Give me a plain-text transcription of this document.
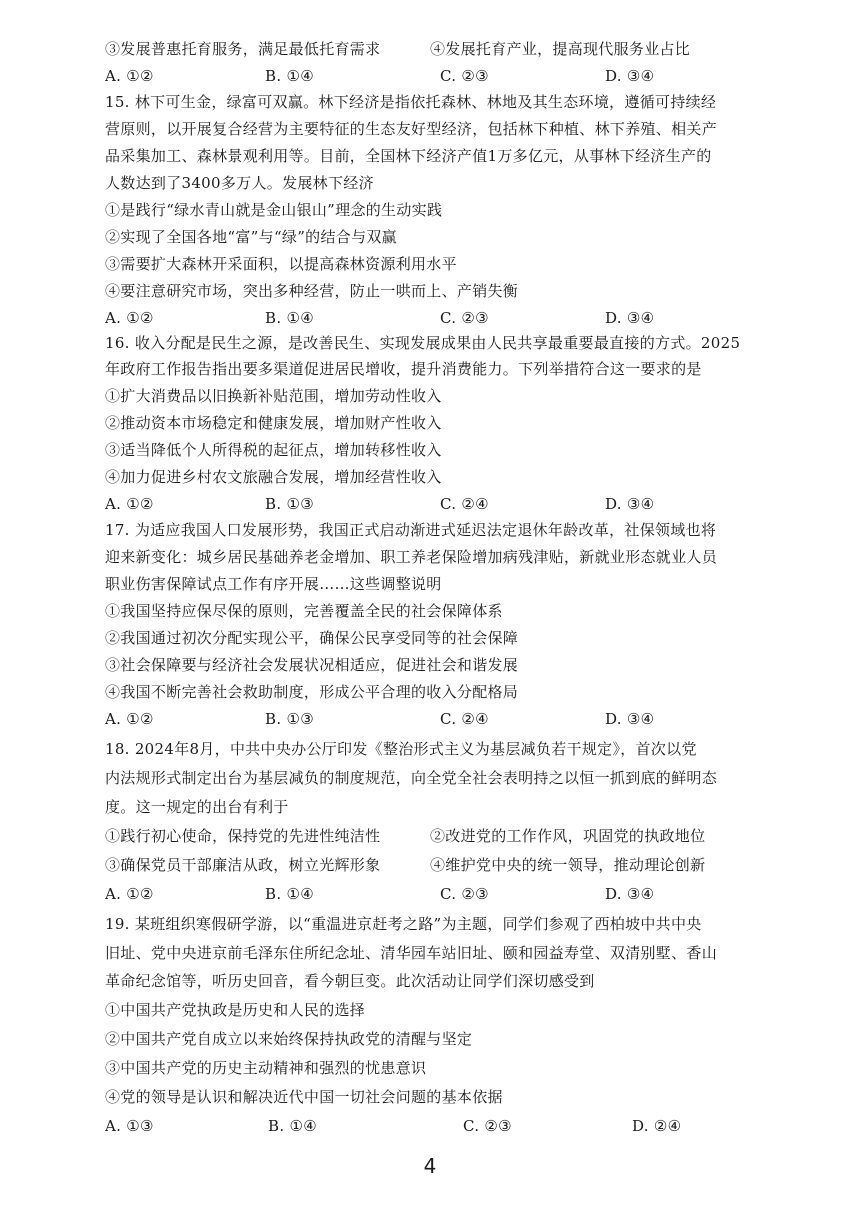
③发展普惠托育服务，满足最低托育需求	④发展托育产业，提高现代服务业占比
A. ①②	B. ①④	C. ②③	D. ③④
15. 林下可生金，绿富可双赢。林下经济是指依托森林、林地及其生态环境，遵循可持续经
营原则，以开展复合经营为主要特征的生态友好型经济，包括林下种植、林下养殖、相关产
品采集加工、森林景观利用等。目前，全国林下经济产值1万多亿元，从事林下经济生产的
人数达到了3400多万人。发展林下经济
①是践行“绿水青山就是金山银山”理念的生动实践
②实现了全国各地“富”与“绿”的结合与双赢
③需要扩大森林开采面积，以提高森林资源利用水平
④要注意研究市场，突出多种经营，防止一哄而上、产销失衡
A. ①②	B. ①④	C. ②③	D. ③④
16. 收入分配是民生之源，是改善民生、实现发展成果由人民共享最重要最直接的方式。2025
年政府工作报告指出要多渠道促进居民增收，提升消费能力。下列举措符合这一要求的是
①扩大消费品以旧换新补贴范围，增加劳动性收入
②推动资本市场稳定和健康发展，增加财产性收入
③适当降低个人所得税的起征点，增加转移性收入
④加力促进乡村农文旅融合发展，增加经营性收入
A. ①②	B. ①③	C. ②④	D. ③④
17. 为适应我国人口发展形势，我国正式启动渐进式延迟法定退休年龄改革，社保领域也将
迎来新变化：城乡居民基础养老金增加、职工养老保险增加病残津贴，新就业形态就业人员
职业伤害保障试点工作有序开展……这些调整说明
①我国坚持应保尽保的原则，完善覆盖全民的社会保障体系
②我国通过初次分配实现公平，确保公民享受同等的社会保障
③社会保障要与经济社会发展状况相适应，促进社会和谐发展
④我国不断完善社会救助制度，形成公平合理的收入分配格局
A. ①②	B. ①③	C. ②④	D. ③④
18. 2024年8月，中共中央办公厅印发《整治形式主义为基层减负若干规定》，首次以党
内法规形式制定出台为基层减负的制度规范，向全党全社会表明持之以恒一抓到底的鲜明态
度。这一规定的出台有利于
①践行初心使命，保持党的先进性纯洁性	②改进党的工作作风，巩固党的执政地位
③确保党员干部廉洁从政，树立光辉形象	④维护党中央的统一领导，推动理论创新
A. ①②	B. ①④	C. ②③	D. ③④
19. 某班组织寒假研学游，以“重温进京赶考之路”为主题，同学们参观了西柏坡中共中央
旧址、党中央进京前毛泽东住所纪念址、清华园车站旧址、颐和园益寿堂、双清别墅、香山
革命纪念馆等，听历史回音，看今朝巨变。此次活动让同学们深切感受到
①中国共产党执政是历史和人民的选择
②中国共产党自成立以来始终保持执政党的清醒与坚定
③中国共产党的历史主动精神和强烈的忧患意识
④党的领导是认识和解决近代中国一切社会问题的基本依据
A. ①③	B. ①④	C. ②③	D. ②④
4
